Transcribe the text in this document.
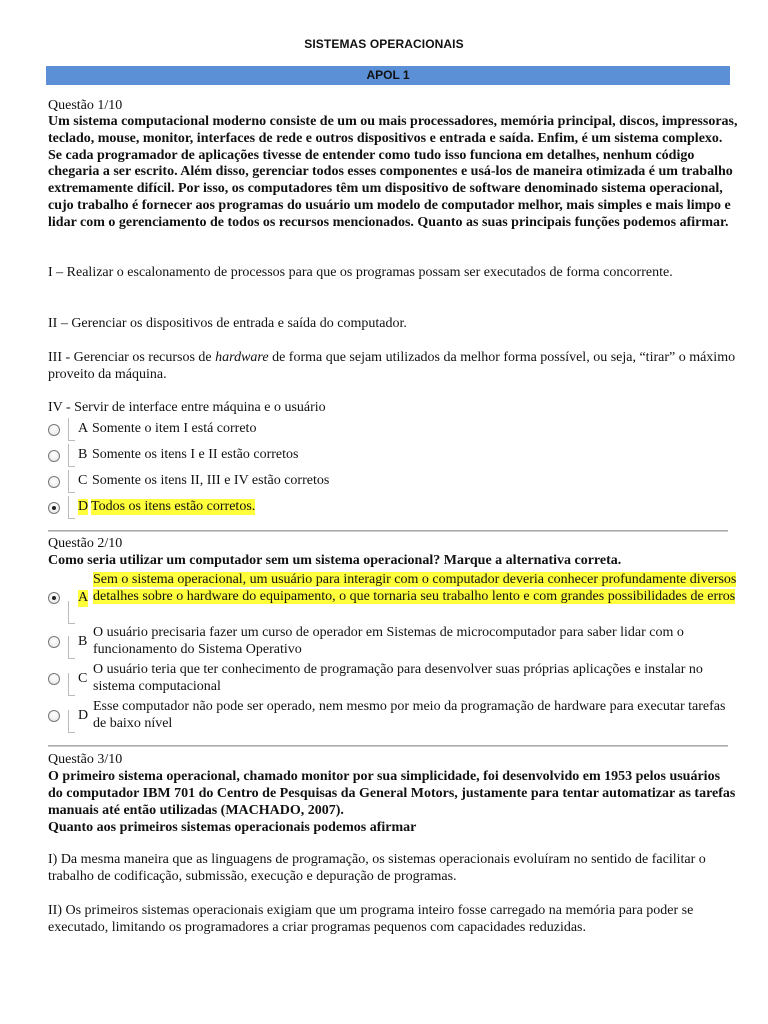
SISTEMAS OPERACIONAIS
APOL 1
Questão 1/10
Um sistema computacional moderno consiste de um ou mais processadores, memória principal, discos, impressoras, teclado, mouse, monitor, interfaces de rede e outros dispositivos e entrada e saída. Enfim, é um sistema complexo. Se cada programador de aplicações tivesse de entender como tudo isso funciona em detalhes, nenhum código chegaria a ser escrito. Além disso, gerenciar todos esses componentes e usá-los de maneira otimizada é um trabalho extremamente difícil. Por isso, os computadores têm um dispositivo de software denominado sistema operacional, cujo trabalho é fornecer aos programas do usuário um modelo de computador melhor, mais simples e mais limpo e lidar com o gerenciamento de todos os recursos mencionados. Quanto as suas principais funções podemos afirmar.
I – Realizar o escalonamento de processos para que os programas possam ser executados de forma concorrente.
II – Gerenciar os dispositivos de entrada e saída do computador.
III - Gerenciar os recursos de hardware de forma que sejam utilizados da melhor forma possível, ou seja, “tirar” o máximo proveito da máquina.
IV - Servir de interface entre máquina e o usuário
A Somente o item I está correto
B Somente os itens I e II estão corretos
C Somente os itens II, III e IV estão corretos
D Todos os itens estão corretos.
Questão 2/10
Como seria utilizar um computador sem um sistema operacional? Marque a alternativa correta.
A
Sem o sistema operacional, um usuário para interagir com o computador deveria conhecer profundamente diversos detalhes sobre o hardware do equipamento, o que tornaria seu trabalho lento e com grandes possibilidades de erros
B
O usuário precisaria fazer um curso de operador em Sistemas de microcomputador para saber lidar com o funcionamento do Sistema Operativo
C
O usuário teria que ter conhecimento de programação para desenvolver suas próprias aplicações e instalar no sistema computacional
D
Esse computador não pode ser operado, nem mesmo por meio da programação de hardware para executar tarefas de baixo nível
Questão 3/10
O primeiro sistema operacional, chamado monitor por sua simplicidade, foi desenvolvido em 1953 pelos usuários do computador IBM 701 do Centro de Pesquisas da General Motors, justamente para tentar automatizar as tarefas manuais até então utilizadas (MACHADO, 2007).
Quanto aos primeiros sistemas operacionais podemos afirmar
I) Da mesma maneira que as linguagens de programação, os sistemas operacionais evoluíram no sentido de facilitar o trabalho de codificação, submissão, execução e depuração de programas.
II) Os primeiros sistemas operacionais exigiam que um programa inteiro fosse carregado na memória para poder se executado, limitando os programadores a criar programas pequenos com capacidades reduzidas.
